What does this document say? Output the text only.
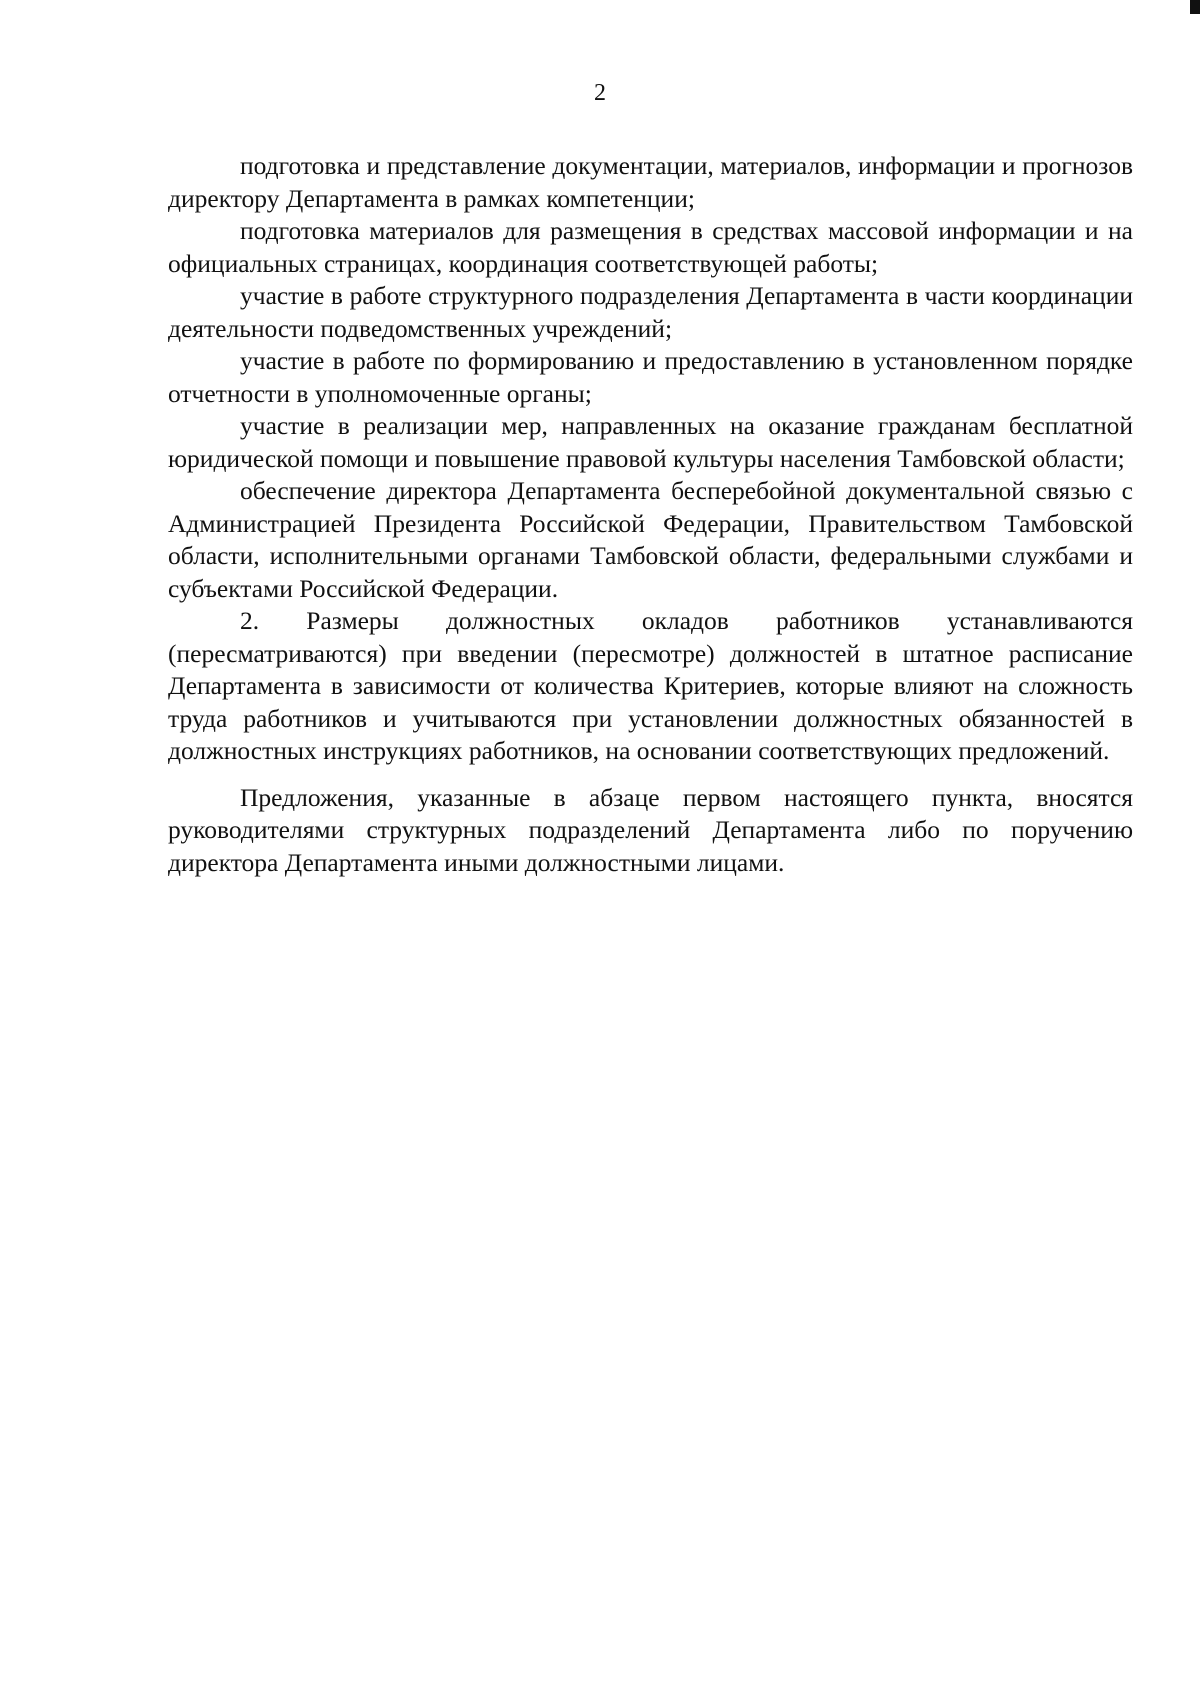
2

подготовка и представление документации, материалов, информации и прогнозов директору Департамента в рамках компетенции;

подготовка материалов для размещения в средствах массовой информации и на официальных страницах, координация соответствующей работы;

участие в работе структурного подразделения Департамента в части координации деятельности подведомственных учреждений;

участие в работе по формированию и предоставлению в установленном порядке отчетности в уполномоченные органы;

участие в реализации мер, направленных на оказание гражданам бесплатной юридической помощи и повышение правовой культуры населения Тамбовской области;

обеспечение директора Департамента бесперебойной документальной связью с Администрацией Президента Российской Федерации, Правительством Тамбовской области, исполнительными органами Тамбовской области, федеральными службами и субъектами Российской Федерации.

2. Размеры должностных окладов работников устанавливаются (пересматриваются) при введении (пересмотре) должностей в штатное расписание Департамента в зависимости от количества Критериев, которые влияют на сложность труда работников и учитываются при установлении должностных обязанностей в должностных инструкциях работников, на основании соответствующих предложений.

Предложения, указанные в абзаце первом настоящего пункта, вносятся руководителями структурных подразделений Департамента либо по поручению директора Департамента иными должностными лицами.
